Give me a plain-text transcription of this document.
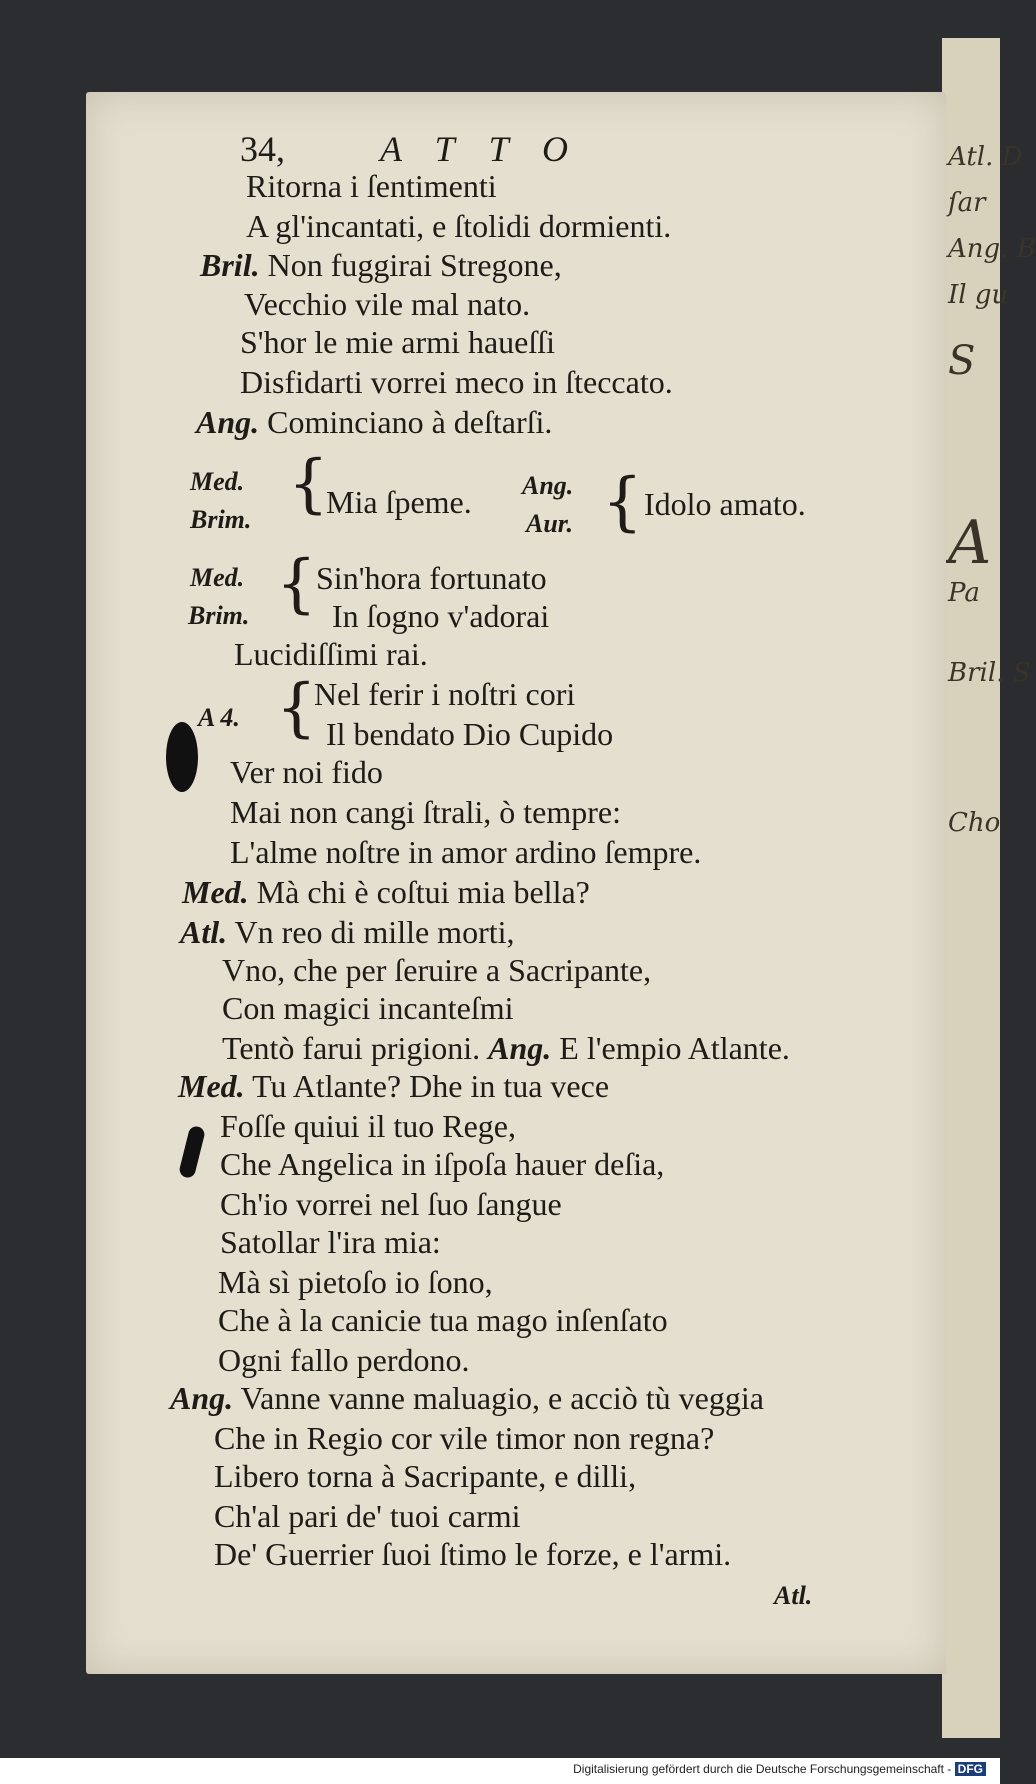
Atl. D
ſar
Ang. B
Il gu
S
A
Pa
Bril. S
Cho
34,	ATTO
Ritorna i ſentimenti
A gl'incantati, e ſtolidi dormienti.
Bril. Non fuggirai Stregone,
Vecchio vile mal nato.
S'hor le mie armi haueſſi
Disfidarti vorrei meco in ſteccato.
Ang. Cominciano à deſtarſi.
Med.
Brim. {
Mia ſpeme. Ang.
Aur. { Idolo amato.
Med.
Brim. { Sin'hora fortunato
In ſogno v'adorai
Lucidiſſimi rai.
A 4. {
Nel ferir i noſtri cori
Il bendato Dio Cupido
Ver noi fido
Mai non cangi ſtrali, ò tempre:
L'alme noſtre in amor ardino ſempre.
Med. Mà chi è coſtui mia bella?
Atl. Vn reo di mille morti,
Vno, che per ſeruire a Sacripante,
Con magici incanteſmi
Tentò farui prigioni. Ang. E l'empio Atlante.
Med. Tu Atlante? Dhe in tua vece
Foſſe quiui il tuo Rege,
Che Angelica in iſpoſa hauer deſia,
Ch'io vorrei nel ſuo ſangue
Satollar l'ira mia:
Mà sì pietoſo io ſono,
Che à la canicie tua mago inſenſato
Ogni fallo perdono.
Ang. Vanne vanne maluagio, e acciò tù veggia
Che in Regio cor vile timor non regna?
Libero torna à Sacripante, e dilli,
Ch'al pari de' tuoi carmi
De' Guerrier ſuoi ſtimo le forze, e l'armi.
Atl.
Digitalisierung gefördert durch die Deutsche Forschungsgemeinschaft - DFG
